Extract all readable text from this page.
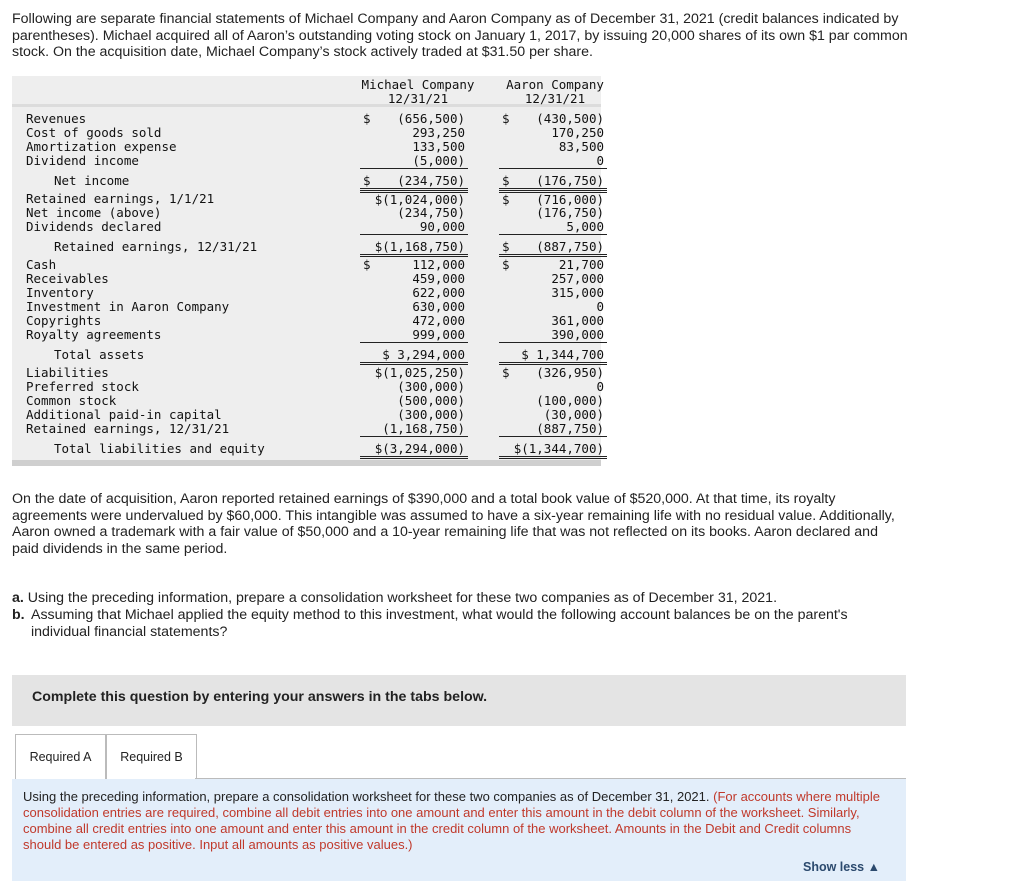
Following are separate financial statements of Michael Company and Aaron Company as of December 31, 2021 (credit balances indicated by parentheses). Michael acquired all of Aaron’s outstanding voting stock on January 1, 2017, by issuing 20,000 shares of its own $1 par common stock. On the acquisition date, Michael Company’s stock actively traded at $31.50 per share.

Michael Company
12/31/21
Aaron Company
12/31/21
Revenues	$ (656,500)	$ (430,500)
Cost of goods sold	293,250	170,250
Amortization expense	133,500	83,500
Dividend income	(5,000)	0
Net income	$ (234,750)	$ (176,750)
Retained earnings, 1/1/21	$(1,024,000)	$ (716,000)
Net income (above)	(234,750)	(176,750)
Dividends declared	90,000	5,000
Retained earnings, 12/31/21	$(1,168,750)	$ (887,750)
Cash	$	112,000	$	21,700
Receivables	459,000	257,000
Inventory	622,000	315,000
Investment in Aaron Company	630,000	0
Copyrights	472,000	361,000
Royalty agreements	999,000	390,000
Total assets	$ 3,294,000	$ 1,344,700
Liabilities	$(1,025,250)	$ (326,950)
Preferred stock	(300,000)	0
Common stock	(500,000)	(100,000)
Additional paid-in capital	(300,000)	(30,000)
Retained earnings, 12/31/21	(1,168,750)	(887,750)
Total liabilities and equity	$(3,294,000)	$(1,344,700)

On the date of acquisition, Aaron reported retained earnings of $390,000 and a total book value of $520,000. At that time, its royalty agreements were undervalued by $60,000. This intangible was assumed to have a six-year remaining life with no residual value. Additionally, Aaron owned a trademark with a fair value of $50,000 and a 10-year remaining life that was not reflected on its books. Aaron declared and paid dividends in the same period.

a. Using the preceding information, prepare a consolidation worksheet for these two companies as of December 31, 2021.
b. Assuming that Michael applied the equity method to this investment, what would the following account balances be on the parent's individual financial statements?
Complete this question by entering your answers in the tabs below.
Required A	Required B
Using the preceding information, prepare a consolidation worksheet for these two companies as of December 31, 2021. (For accounts where multiple consolidation entries are required, combine all debit entries into one amount and enter this amount in the debit column of the worksheet. Similarly, combine all credit entries into one amount and enter this amount in the credit column of the worksheet. Amounts in the Debit and Credit columns should be entered as positive. Input all amounts as positive values.)
Show less ▲
